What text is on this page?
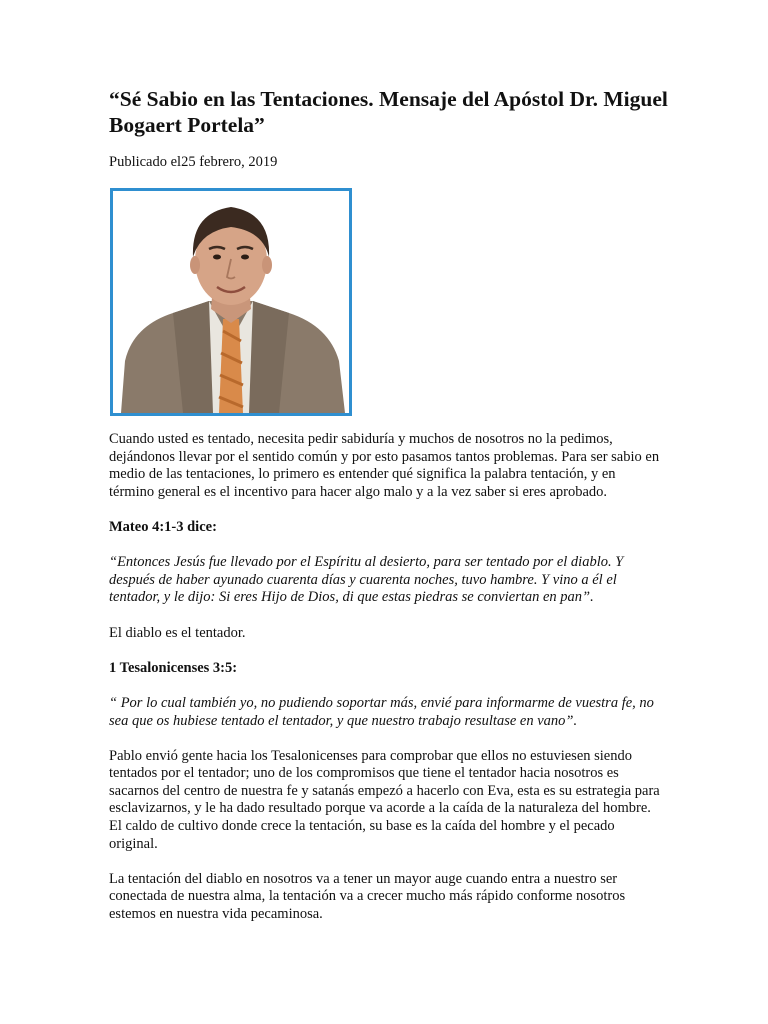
“Sé Sabio en las Tentaciones. Mensaje del Apóstol Dr. Miguel Bogaert Portela”

Publicado el25 febrero, 2019

Cuando usted es tentado, necesita pedir sabiduría y muchos de nosotros no la pedimos, dejándonos llevar por el sentido común y por esto pasamos tantos problemas. Para ser sabio en medio de las tentaciones, lo primero es entender qué significa la palabra tentación, y en término general es el incentivo para hacer algo malo y a la vez saber si eres aprobado.

Mateo 4:1-3 dice:

“Entonces Jesús fue llevado por el Espíritu al desierto, para ser tentado por el diablo. Y después de haber ayunado cuarenta días y cuarenta noches, tuvo hambre. Y vino a él el tentador, y le dijo: Si eres Hijo de Dios, di que estas piedras se conviertan en pan”.

El diablo es el tentador.

1 Tesalonicenses 3:5:

“ Por lo cual también yo, no pudiendo soportar más, envié para informarme de vuestra fe, no sea que os hubiese tentado el tentador, y que nuestro trabajo resultase en vano”.

Pablo envió gente hacia los Tesalonicenses para comprobar que ellos no estuviesen siendo tentados por el tentador; uno de los compromisos que tiene el tentador hacia nosotros es sacarnos del centro de nuestra fe y satanás empezó a hacerlo con Eva, esta es su estrategia para esclavizarnos, y le ha dado resultado porque va acorde a la caída de la naturaleza del hombre. El caldo de cultivo donde crece la tentación, su base es la caída del hombre y el pecado original.

La tentación del diablo en nosotros va a tener un mayor auge cuando entra a nuestro ser conectada de nuestra alma, la tentación va a crecer mucho más rápido conforme nosotros estemos en nuestra vida pecaminosa.
